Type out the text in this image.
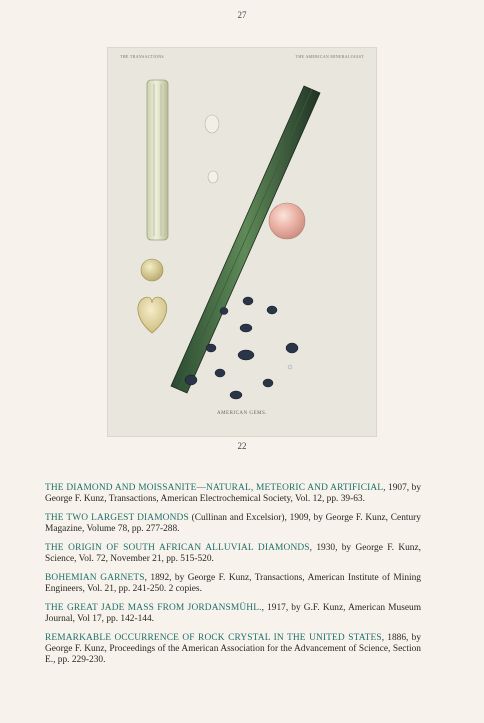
27
THE TRANSACTIONS	THE AMERICAN MINERALOGIST
AMERICAN GEMS.
22

THE DIAMOND AND MOISSANITE—NATURAL, METEORIC AND ARTIFICIAL, 1907, by George F. Kunz, Transactions, American Electrochemical Society, Vol. 12, pp. 39-63.

THE TWO LARGEST DIAMONDS (Cullinan and Excelsior), 1909, by George F. Kunz, Century Magazine, Volume 78, pp. 277-288.

THE ORIGIN OF SOUTH AFRICAN ALLUVIAL DIAMONDS, 1930, by George F. Kunz, Science, Vol. 72, November 21, pp. 515-520.

BOHEMIAN GARNETS, 1892, by George F. Kunz, Transactions, American Institute of Mining Engineers, Vol. 21, pp. 241-250. 2 copies.

THE GREAT JADE MASS FROM JORDANSMÜHL., 1917, by G.F. Kunz, American Museum Journal, Vol 17, pp. 142-144.

REMARKABLE OCCURRENCE OF ROCK CRYSTAL IN THE UNITED STATES, 1886, by George F. Kunz, Proceedings of the American Association for the Advancement of Science, Section E., pp. 229-230.
